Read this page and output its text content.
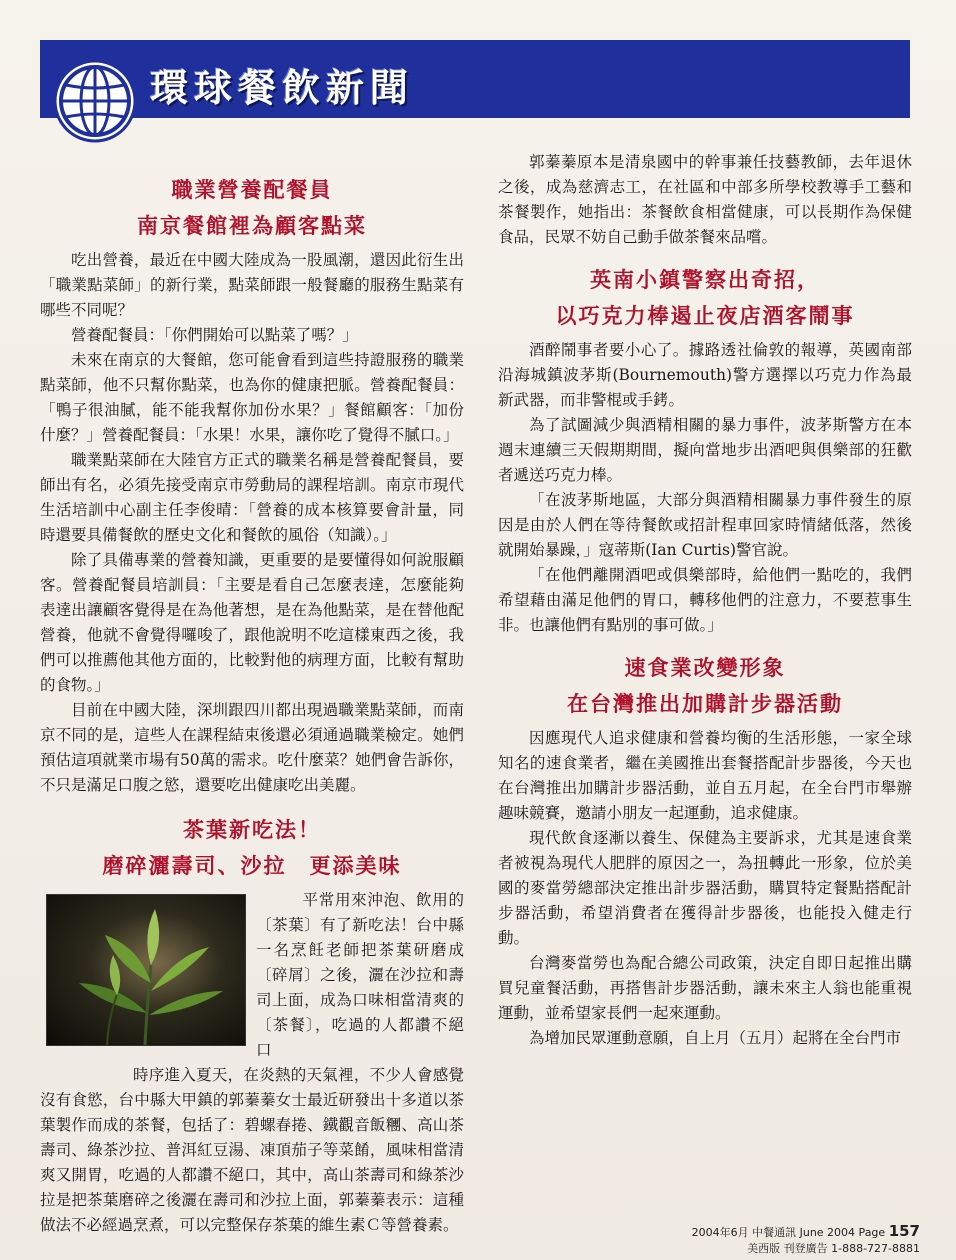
環球餐飲新聞
職業營養配餐員
南京餐館裡為顧客點菜

吃出營養，最近在中國大陸成為一股風潮，還因此衍生出「職業點菜師」的新行業，點菜師跟一般餐廳的服務生點菜有哪些不同呢？

營養配餐員：「你們開始可以點菜了嗎？」

未來在南京的大餐館，您可能會看到這些持證服務的職業點菜師，他不只幫你點菜，也為你的健康把脈。營養配餐員：「鴨子很油膩，能不能我幫你加份水果？」餐館顧客：「加份什麼？」營養配餐員：「水果！水果，讓你吃了覺得不膩口。」

職業點菜師在大陸官方正式的職業名稱是營養配餐員，要師出有名，必須先接受南京市勞動局的課程培訓。南京市現代生活培訓中心副主任李俊晴：「營養的成本核算要會計量，同時還要具備餐飲的歷史文化和餐飲的風俗（知識）。」

除了具備專業的營養知識，更重要的是要懂得如何說服顧客。營養配餐員培訓員：「主要是看自己怎麼表達，怎麼能夠表達出讓顧客覺得是在為他著想，是在為他點菜，是在替他配營養，他就不會覺得囉唆了，跟他說明不吃這樣東西之後，我們可以推薦他其他方面的，比較對他的病理方面，比較有幫助的食物。」

目前在中國大陸，深圳跟四川都出現過職業點菜師，而南京不同的是，這些人在課程結束後還必須通過職業檢定。她們預估這項就業市場有50萬的需求。吃什麼菜？她們會告訴你，不只是滿足口腹之慾，還要吃出健康吃出美麗。

茶葉新吃法！
磨碎灑壽司、沙拉　更添美味

平常用來沖泡、飲用的〔茶葉〕有了新吃法！台中縣一名烹飪老師把茶葉研磨成〔碎屑〕之後，灑在沙拉和壽司上面，成為口味相當清爽的〔茶餐〕，吃過的人都讚不絕口

時序進入夏天，在炎熱的天氣裡，不少人會感覺沒有食慾，台中縣大甲鎮的郭蓁蓁女士最近研發出十多道以茶葉製作而成的茶餐，包括了：碧螺春捲、鐵觀音飯糰、高山茶壽司、綠茶沙拉、普洱紅豆湯、凍頂茄子等菜餚，風味相當清爽又開胃，吃過的人都讚不絕口，其中，高山茶壽司和綠茶沙拉是把茶葉磨碎之後灑在壽司和沙拉上面，郭蓁蓁表示：這種做法不必經過烹煮，可以完整保存茶葉的維生素Ｃ等營養素。

郭蓁蓁原本是清泉國中的幹事兼任技藝教師，去年退休之後，成為慈濟志工，在社區和中部多所學校教導手工藝和茶餐製作，她指出：茶餐飲食相當健康，可以長期作為保健食品，民眾不妨自己動手做茶餐來品嚐。

英南小鎮警察出奇招，
以巧克力棒遏止夜店酒客鬧事

酒醉鬧事者要小心了。據路透社倫敦的報導，英國南部沿海城鎮波茅斯(Bournemouth)警方選擇以巧克力作為最新武器，而非警棍或手銬。

為了試圖減少與酒精相關的暴力事件，波茅斯警方在本週末連續三天假期期間，擬向當地步出酒吧與俱樂部的狂歡者遞送巧克力棒。

「在波茅斯地區，大部分與酒精相關暴力事件發生的原因是由於人們在等待餐飲或招計程車回家時情緒低落，然後就開始暴躁，」寇蒂斯(Ian Curtis)警官說。

「在他們離開酒吧或俱樂部時，給他們一點吃的，我們希望藉由滿足他們的胃口，轉移他們的注意力，不要惹事生非。也讓他們有點別的事可做。」

速食業改變形象
在台灣推出加購計步器活動

因應現代人追求健康和營養均衡的生活形態，一家全球知名的速食業者，繼在美國推出套餐搭配計步器後，今天也在台灣推出加購計步器活動，並自五月起，在全台門市舉辦趣味競賽，邀請小朋友一起運動，追求健康。

現代飲食逐漸以養生、保健為主要訴求，尤其是速食業者被視為現代人肥胖的原因之一，為扭轉此一形象，位於美國的麥當勞總部決定推出計步器活動，購買特定餐點搭配計步器活動，希望消費者在獲得計步器後，也能投入健走行動。

台灣麥當勞也為配合總公司政策，決定自即日起推出購買兒童餐活動，再搭售計步器活動，讓未來主人翁也能重視運動，並希望家長們一起來運動。

為增加民眾運動意願，自上月（五月）起將在全台門市

2004年6月 中餐通訊 June 2004 Page 157
美西版 刊登廣告 1-888-727-8881
